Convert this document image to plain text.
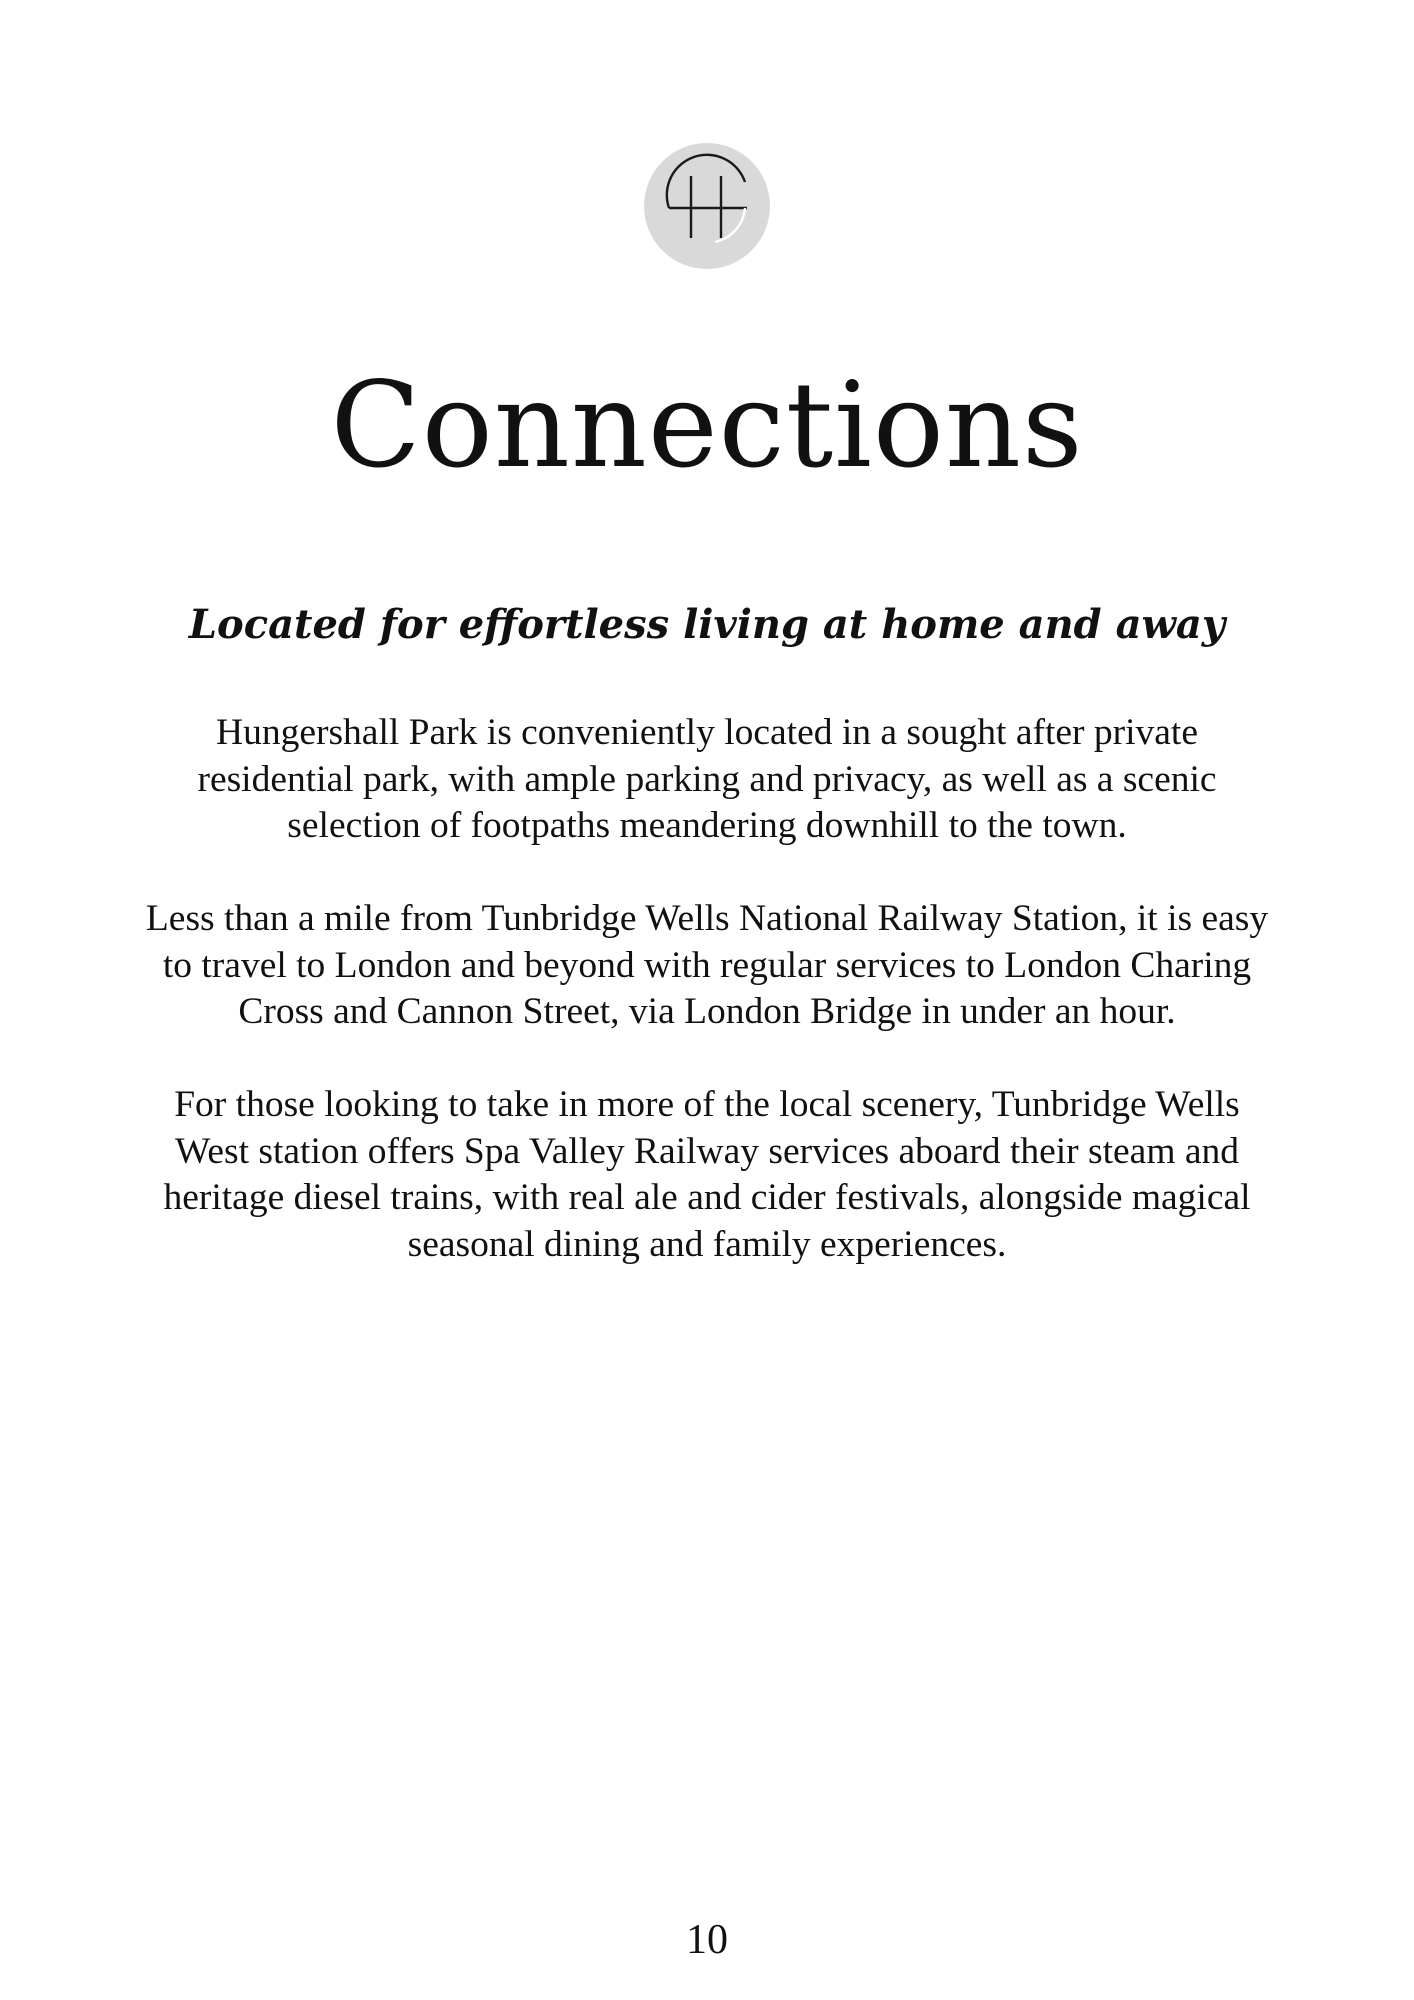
Connections
Located for effortless living at home and away

Hungershall Park is conveniently located in a sought after private residential park, with ample parking and privacy, as well as a scenic selection of footpaths meandering downhill to the town.

Less than a mile from Tunbridge Wells National Railway Station, it is easy to travel to London and beyond with regular services to London Charing Cross and Cannon Street, via London Bridge in under an hour.

For those looking to take in more of the local scenery, Tunbridge Wells West station offers Spa Valley Railway services aboard their steam and heritage diesel trains, with real ale and cider festivals, alongside magical seasonal dining and family experiences.

10
